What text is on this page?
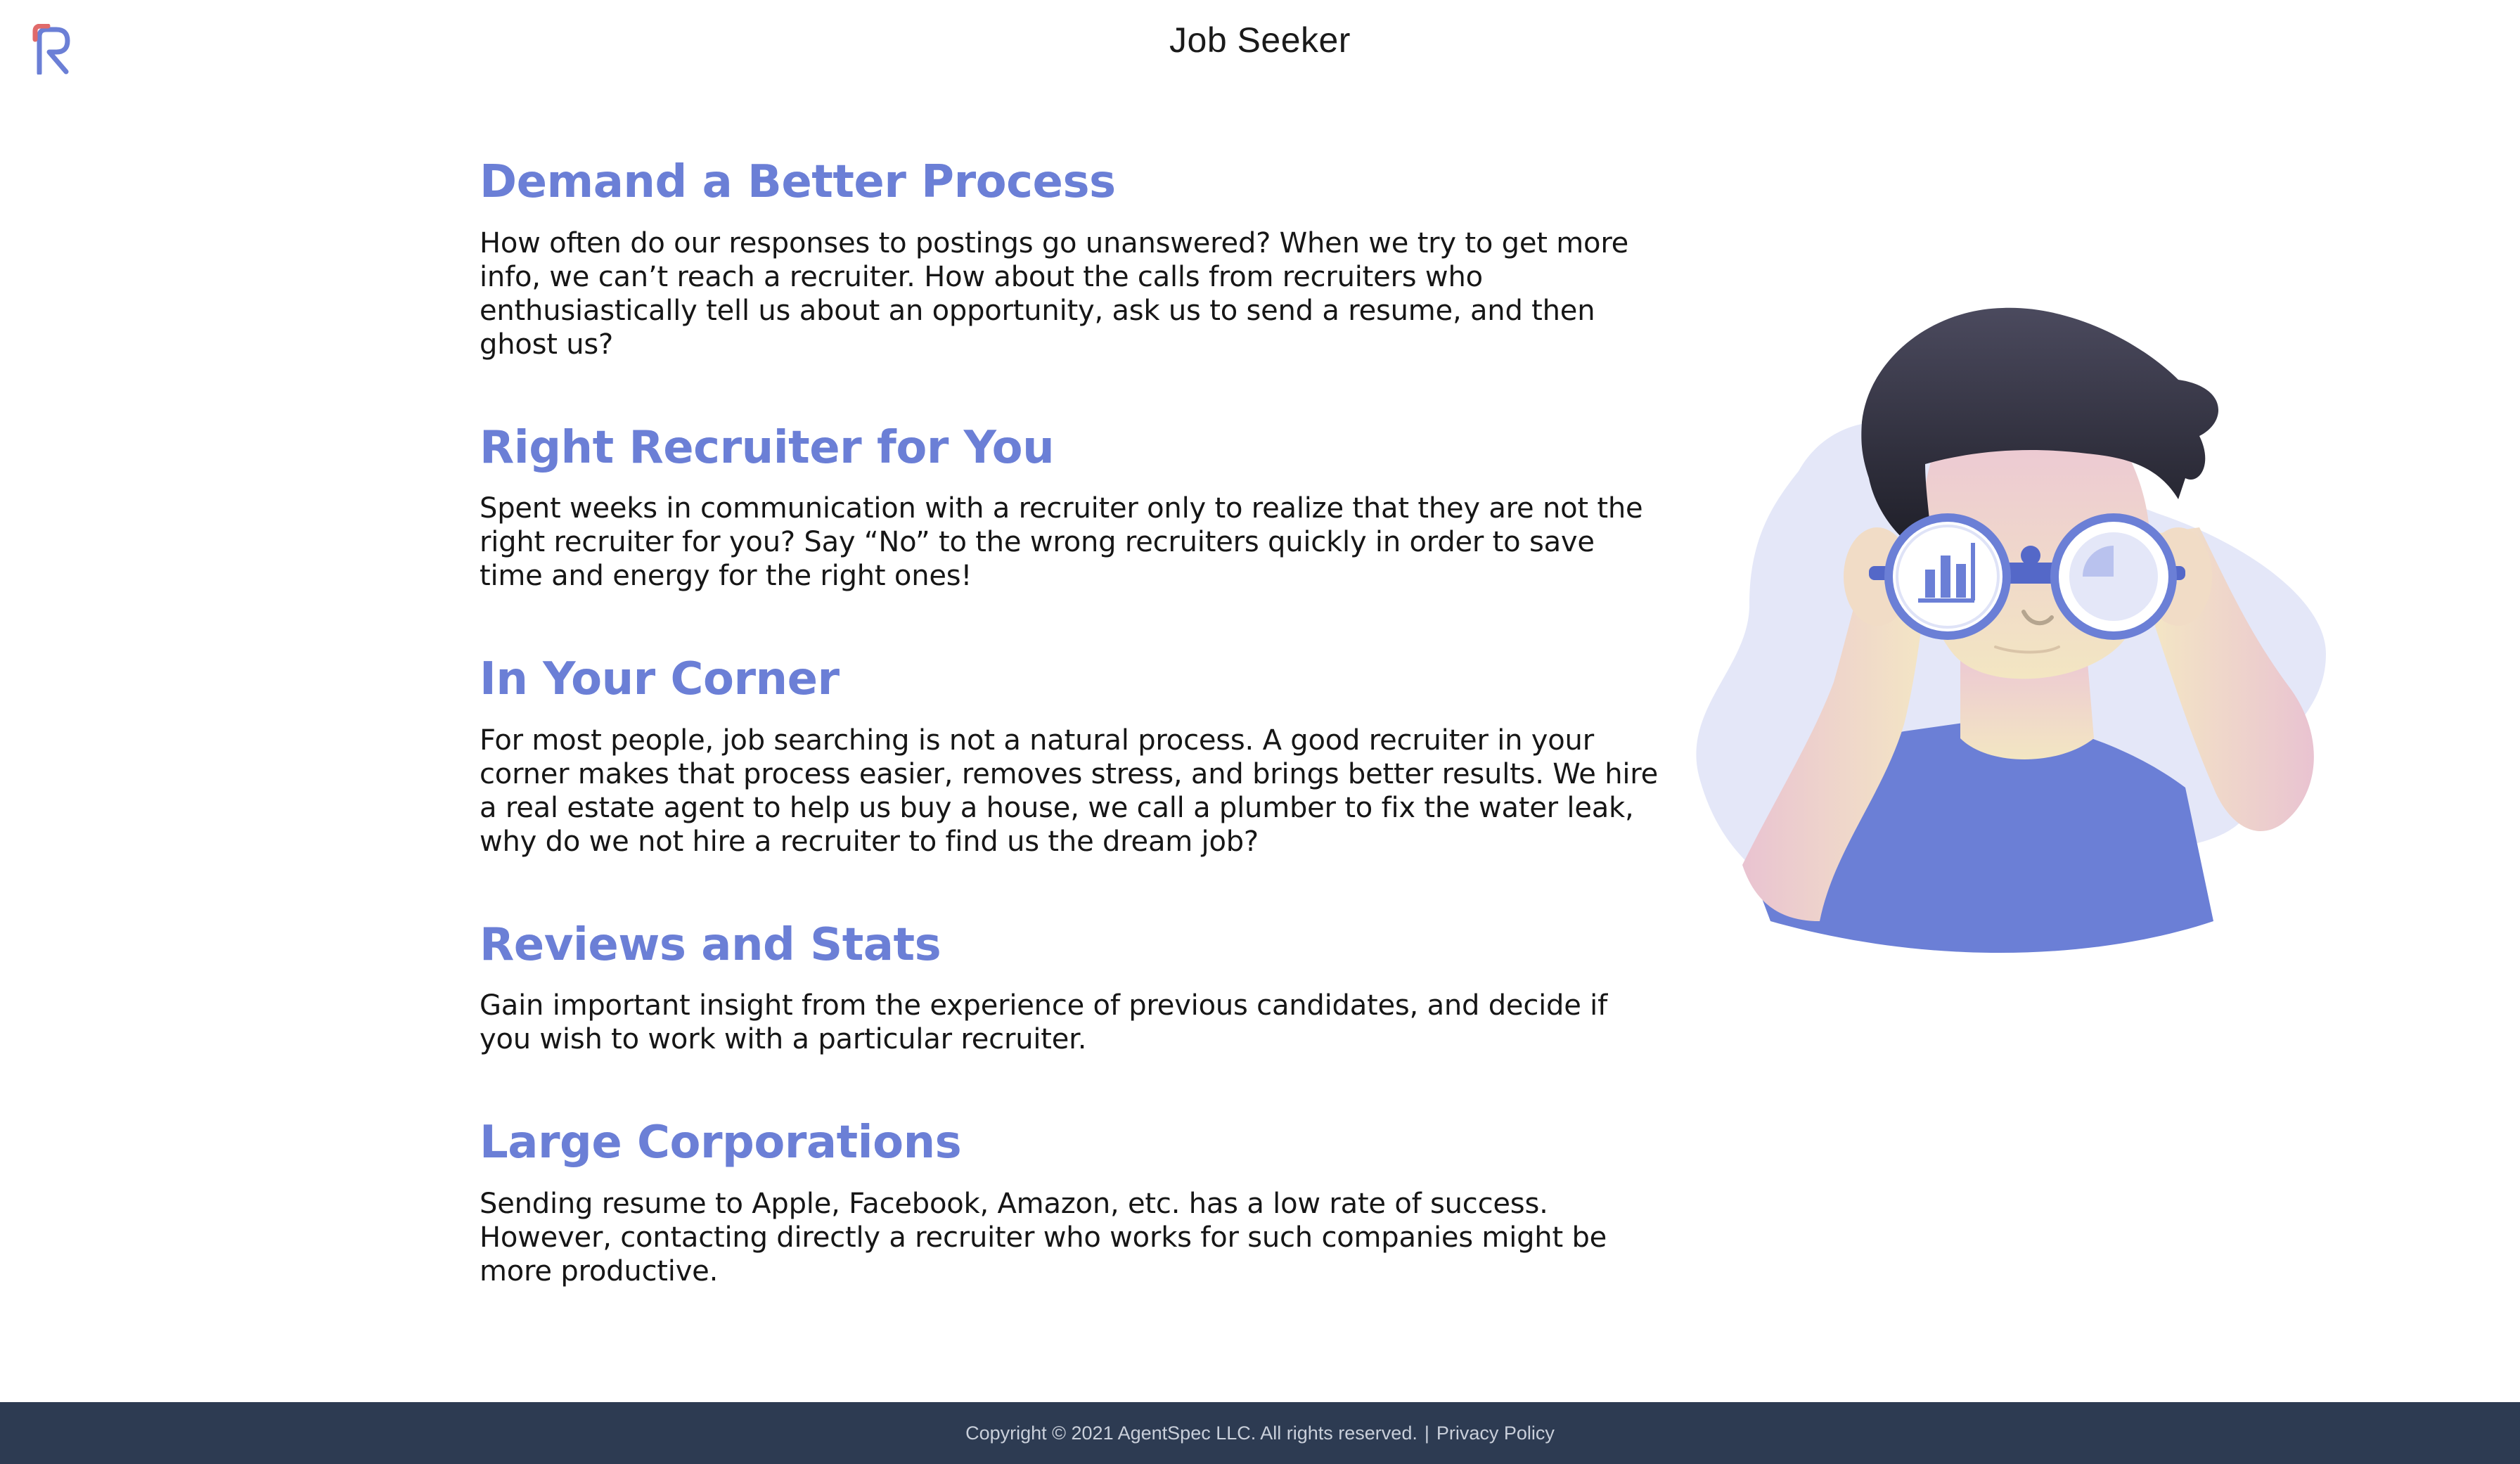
Job Seeker
Demand a Better Process

How often do our responses to postings go unanswered? When we try to get more info, we can’t reach a recruiter. How about the calls from recruiters who enthusiastically tell us about an opportunity, ask us to send a resume, and then ghost us?

Right Recruiter for You

Spent weeks in communication with a recruiter only to realize that they are not the right recruiter for you? Say “No” to the wrong recruiters quickly in order to save time and energy for the right ones!

In Your Corner

For most people, job searching is not a natural process. A good recruiter in your corner makes that process easier, removes stress, and brings better results. We hire a real estate agent to help us buy a house, we call a plumber to fix the water leak, why do we not hire a recruiter to find us the dream job?

Reviews and Stats

Gain important insight from the experience of previous candidates, and decide if you wish to work with a particular recruiter.

Large Corporations

Sending resume to Apple, Facebook, Amazon, etc. has a low rate of success. However, contacting directly a recruiter who works for such companies might be more productive.

Copyright © 2021 AgentSpec LLC. All rights reserved. | Privacy Policy
